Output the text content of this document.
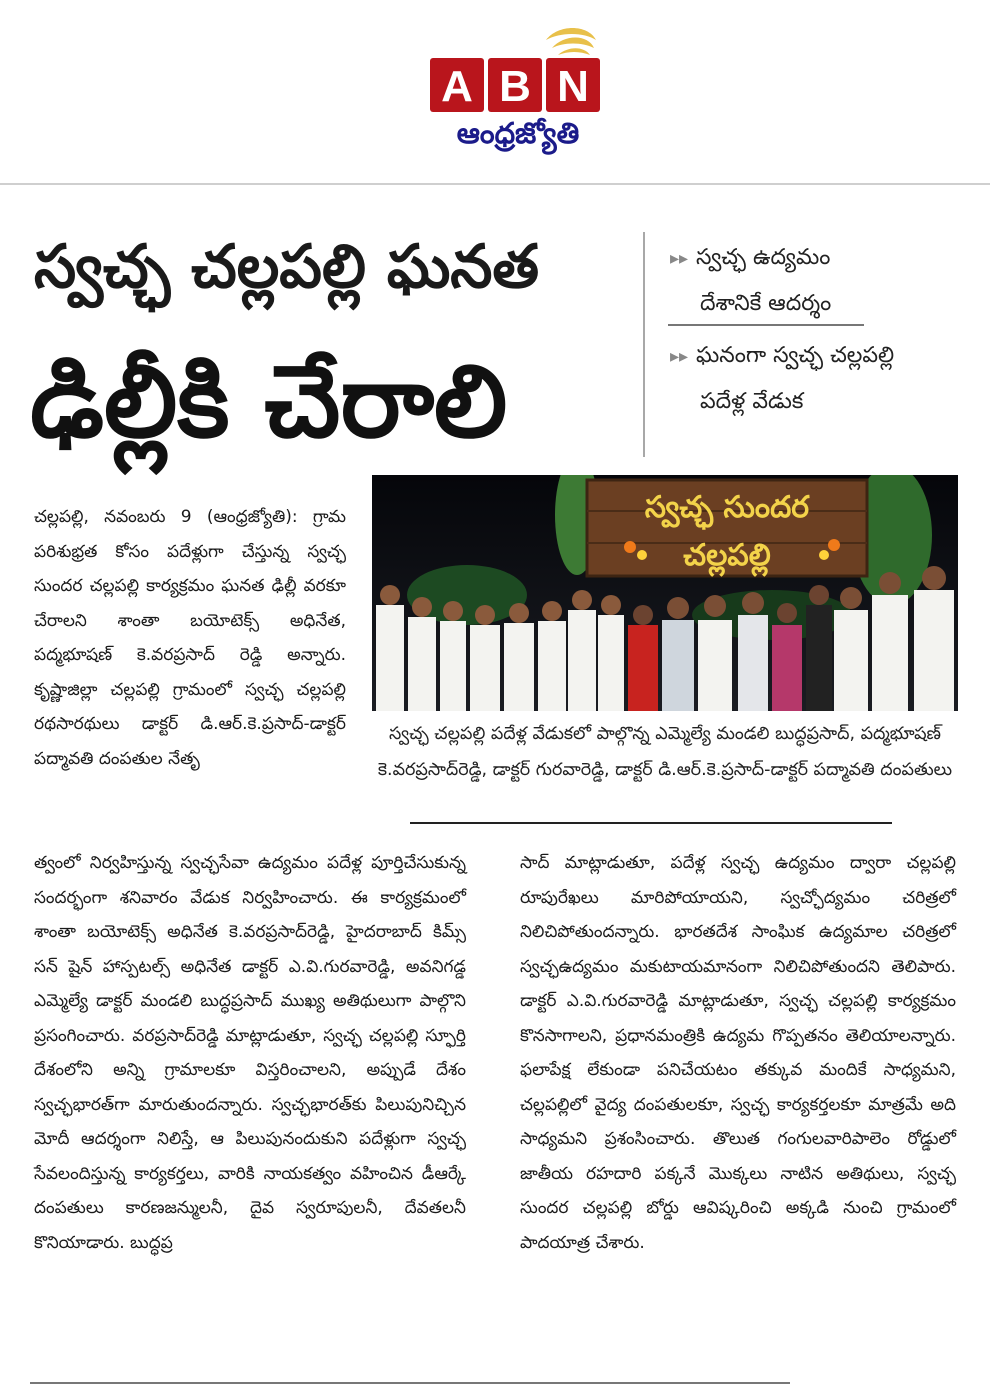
A B N
ఆంధ్రజ్యోతి
స్వచ్ఛ చల్లపల్లి ఘనత
ఢిల్లీకి చేరాలి
▸▸ స్వచ్ఛ ఉద్యమం
దేశానికే ఆదర్శం
▸▸ ఘనంగా స్వచ్ఛ చల్లపల్లి
పదేళ్ల వేడుక
స్వచ్ఛ సుందర
చల్లపల్లి
స్వచ్ఛ చల్లపల్లి పదేళ్ల వేడుకలో పాల్గొన్న ఎమ్మెల్యే మండలి బుద్ధప్రసాద్, పద్మభూషణ్ కె.వరప్రసాద్‌రెడ్డి, డాక్టర్ గురవారెడ్డి, డాక్టర్ డి.ఆర్.కె.ప్రసాద్-డాక్టర్ పద్మావతి దంపతులు

చల్లపల్లి, నవంబరు 9 (ఆంధ్రజ్యోతి): గ్రామ పరిశుభ్రత కోసం పదేళ్లుగా చేస్తున్న స్వచ్ఛ సుందర చల్లపల్లి కార్యక్రమం ఘనత ఢిల్లీ వరకూ చేరాలని శాంతా బయోటెక్స్ అధినేత, పద్మభూషణ్ కె.వరప్రసాద్ రెడ్డి అన్నారు. కృష్ణాజిల్లా చల్లపల్లి గ్రామంలో స్వచ్ఛ చల్లపల్లి రథసారథులు డాక్టర్ డి.ఆర్.కె.ప్రసాద్-డాక్టర్ పద్మావతి దంపతుల నేతృ

త్వంలో నిర్వహిస్తున్న స్వచ్ఛసేవా ఉద్యమం పదేళ్ల పూర్తిచేసుకున్న సందర్భంగా శనివారం వేడుక నిర్వహించారు. ఈ కార్యక్రమంలో శాంతా బయోటెక్స్ అధినేత కె.వరప్రసాద్‌రెడ్డి, హైదరాబాద్ కిమ్స్ సన్ షైన్ హాస్పటల్స్ అధినేత డాక్టర్ ఎ.వి.గురవారెడ్డి, అవనిగడ్డ ఎమ్మెల్యే డాక్టర్ మండలి బుద్ధప్రసాద్ ముఖ్య అతిథులుగా పాల్గొని ప్రసంగించారు. వరప్రసాద్‌రెడ్డి మాట్లాడుతూ, స్వచ్ఛ చల్లపల్లి స్ఫూర్తి దేశంలోని అన్ని గ్రామాలకూ విస్తరించాలని, అప్పుడే దేశం స్వచ్ఛభారత్‌గా మారుతుందన్నారు. స్వచ్ఛభారత్‌కు పిలుపునిచ్చిన మోదీ ఆదర్శంగా నిలిస్తే, ఆ పిలుపునందుకుని పదేళ్లుగా స్వచ్ఛ సేవలందిస్తున్న కార్యకర్తలు, వారికి నాయకత్వం వహించిన డీఆర్కే దంపతులు కారణజన్ములనీ, దైవ స్వరూపులనీ, దేవతలనీ కొనియాడారు. బుద్ధప్ర

సాద్ మాట్లాడుతూ, పదేళ్ల స్వచ్ఛ ఉద్యమం ద్వారా చల్లపల్లి రూపురేఖలు మారిపోయాయని, స్వచ్ఛోద్యమం చరిత్రలో నిలిచిపోతుందన్నారు. భారతదేశ సాంఘిక ఉద్యమాల చరిత్రలో స్వచ్ఛఉద్యమం మకుటాయమానంగా నిలిచిపోతుందని తెలిపారు. డాక్టర్ ఎ.వి.గురవారెడ్డి మాట్లాడుతూ, స్వచ్ఛ చల్లపల్లి కార్యక్రమం కొనసాగాలని, ప్రధానమంత్రికి ఉద్యమ గొప్పతనం తెలియాలన్నారు. ఫలాపేక్ష లేకుండా పనిచేయటం తక్కువ మందికే సాధ్యమని, చల్లపల్లిలో వైద్య దంపతులకూ, స్వచ్ఛ కార్యకర్తలకూ మాత్రమే అది సాధ్యమని ప్రశంసించారు. తొలుత గంగులవారిపాలెం రోడ్డులో జాతీయ రహదారి పక్కనే మొక్కలు నాటిన అతిథులు, స్వచ్ఛ సుందర చల్లపల్లి బోర్డు ఆవిష్కరించి అక్కడి నుంచి గ్రామంలో పాదయాత్ర చేశారు.
